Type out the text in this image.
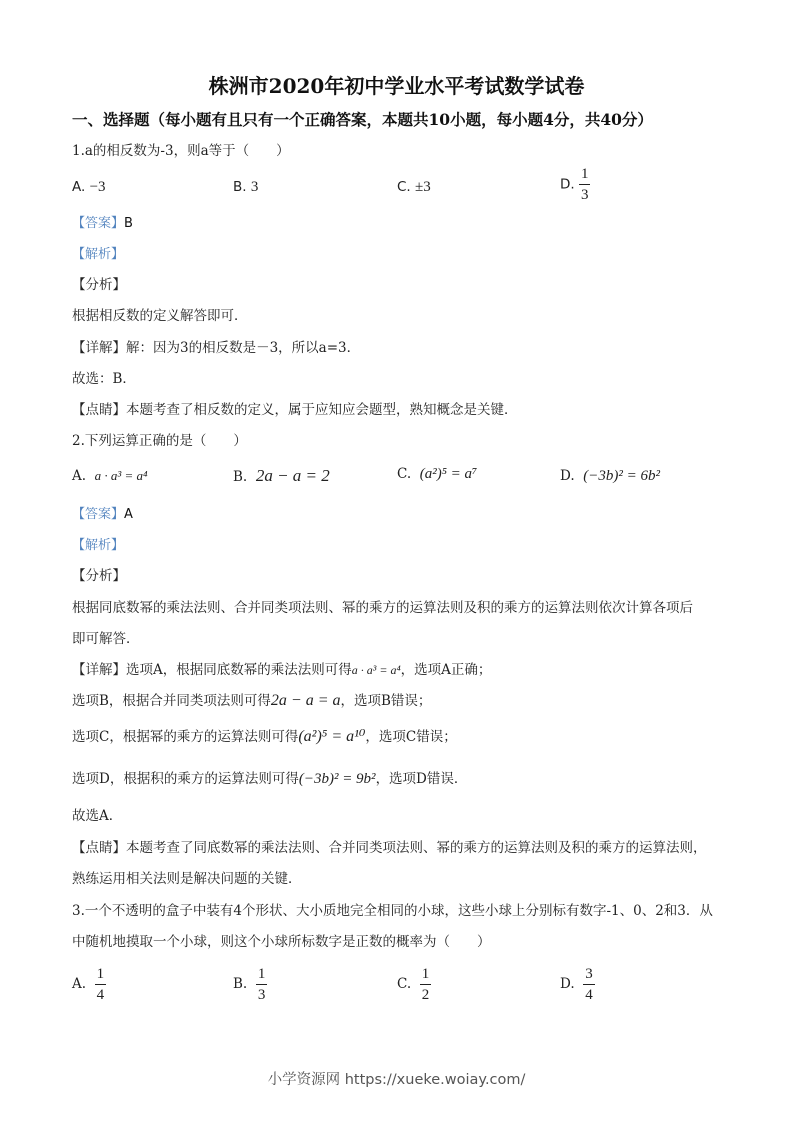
株洲市2020年初中学业水平考试数学试卷
一、选择题（每小题有且只有一个正确答案，本题共10小题，每小题4分，共40分）
1.a的相反数为-3，则a等于（　　）
A. −3	B. 3	C. ±3	D. $\frac{1}{3}$
【答案】B
【解析】
【分析】
根据相反数的定义解答即可．
【详解】解：因为3的相反数是－3，所以a=3．
故选：B．
【点睛】本题考查了相反数的定义，属于应知应会题型，熟知概念是关键．
2.下列运算正确的是（　　）
A. a · a³ = a⁴	B. 2a − a = 2	C. (a²)⁵ = a⁷	D. (−3b)² = 6b²
【答案】A
【解析】
【分析】
根据同底数幂的乘法法则、合并同类项法则、幂的乘方的运算法则及积的乘方的运算法则依次计算各项后
即可解答．
【详解】选项A，根据同底数幂的乘法法则可得a · a³ = a⁴，选项A正确；
选项B，根据合并同类项法则可得2a − a = a，选项B错误；
选项C，根据幂的乘方的运算法则可得(a²)⁵ = a¹⁰，选项C错误；
选项D，根据积的乘方的运算法则可得(−3b)² = 9b²，选项D错误．
故选A．
【点睛】本题考查了同底数幂的乘法法则、合并同类项法则、幂的乘方的运算法则及积的乘方的运算法则，
熟练运用相关法则是解决问题的关键．
3.一个不透明的盒子中装有4个形状、大小质地完全相同的小球，这些小球上分别标有数字-1、0、2和3．从
中随机地摸取一个小球，则这个小球所标数字是正数的概率为（　　）
A. $\frac{1}{4}$	B. $\frac{1}{3}$	C. $\frac{1}{2}$	D. $\frac{3}{4}$
小学资源网 https://xueke.woiay.com/
